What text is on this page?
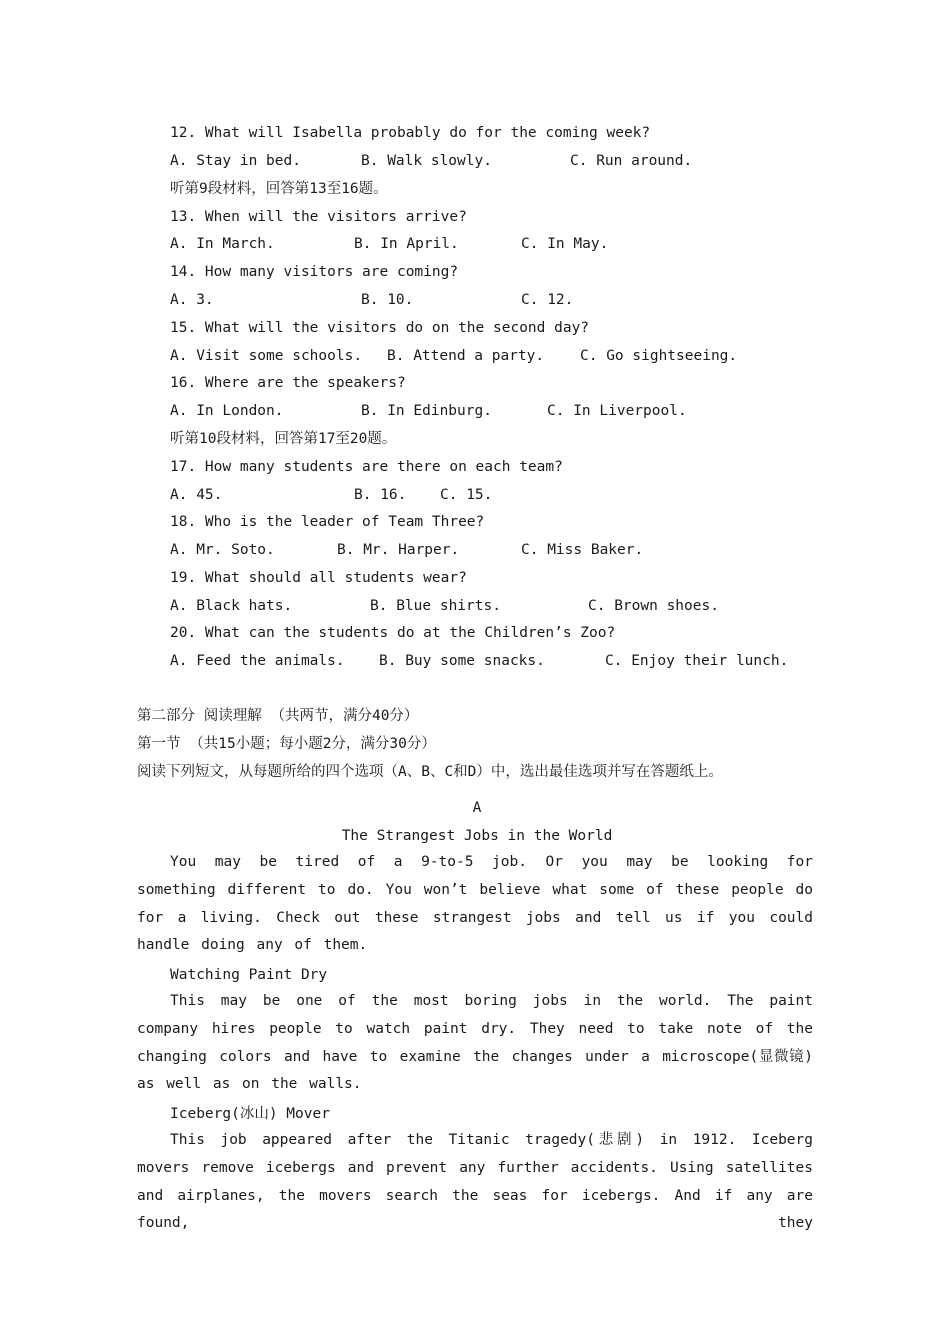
12. What will Isabella probably do for the coming week?
A. Stay in bed.	B. Walk slowly.	C. Run around.
听第9段材料，回答第13至16题。
13. When will the visitors arrive?
A. In March.	B. In April.	C. In May.
14. How many visitors are coming?
A. 3.	B. 10.	C. 12.
15. What will the visitors do on the second day?
A. Visit some schools. B. Attend a party. C. Go sightseeing.
16. Where are the speakers?
A. In London.	B. In Edinburg.	C. In Liverpool.
听第10段材料，回答第17至20题。
17. How many students are there on each team?
A. 45.	B. 16. C. 15.
18. Who is the leader of Team Three?
A. Mr. Soto.	B. Mr. Harper.	C. Miss Baker.
19. What should all students wear?
A. Black hats.	B. Blue shirts.	C. Brown shoes.
20. What can the students do at the Children’s Zoo?
A. Feed the animals. B. Buy some snacks.	C. Enjoy their lunch.
第二部分 阅读理解 （共两节，满分40分）
第一节 （共15小题；每小题2分，满分30分）
阅读下列短文，从每题所给的四个选项（A、B、C和D）中，选出最佳选项并写在答题纸上。
A
The Strangest Jobs in the World
You may be tired of a 9-to-5 job. Or you may be looking for something different to do. You won’t believe what some of these people do for a living. Check out these strangest jobs and tell us if you could handle doing any of them.
Watching Paint Dry
This may be one of the most boring jobs in the world. The paint company hires people to watch paint dry. They need to take note of the changing colors and have to examine the changes under a microscope(显微镜) as well as on the walls.
Iceberg(冰山) Mover
This job appeared after the Titanic tragedy(悲剧) in 1912. Iceberg movers remove icebergs and prevent any further accidents. Using satellites and airplanes, the movers search the seas for icebergs. And if any are found, they
